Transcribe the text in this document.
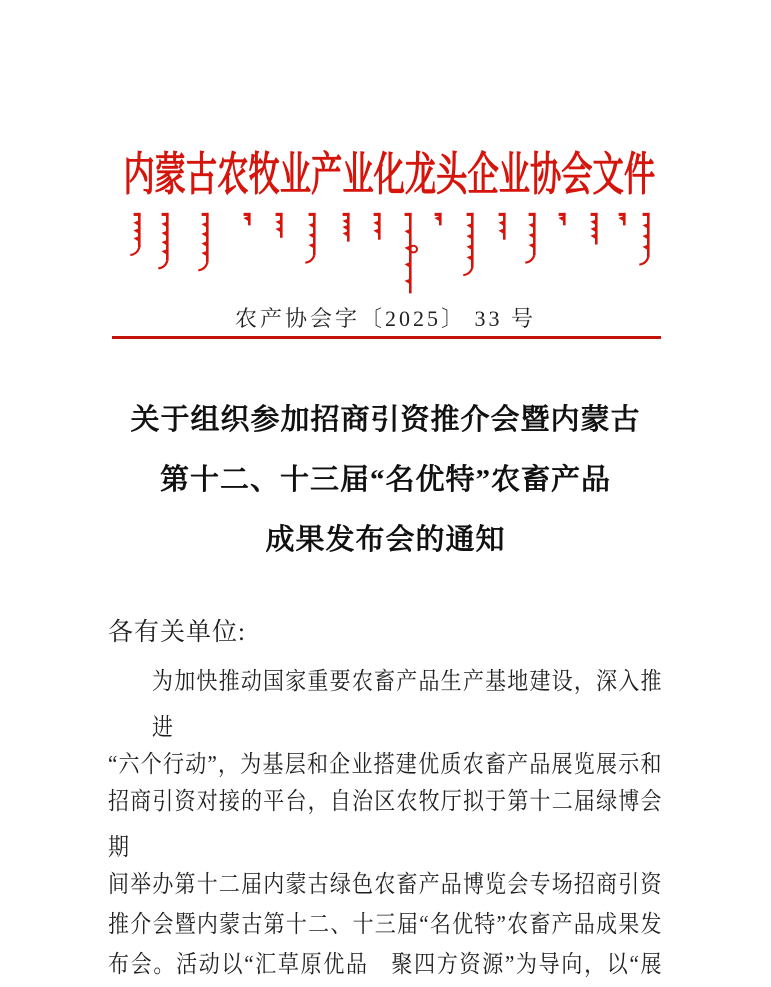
内蒙古农牧业产业化龙头企业协会文件
农产协会字〔2025〕 33 号
关于组织参加招商引资推介会暨内蒙古
第十二、十三届“名优特”农畜产品
成果发布会的通知
各有关单位:
为加快推动国家重要农畜产品生产基地建设，深入推进
“六个行动”，为基层和企业搭建优质农畜产品展览展示和
招商引资对接的平台，自治区农牧厅拟于第十二届绿博会期
间举办第十二届内蒙古绿色农畜产品博览会专场招商引资
推介会暨内蒙古第十二、十三届“名优特”农畜产品成果发
布会。活动以“汇草原优品　聚四方资源”为导向，以“展
